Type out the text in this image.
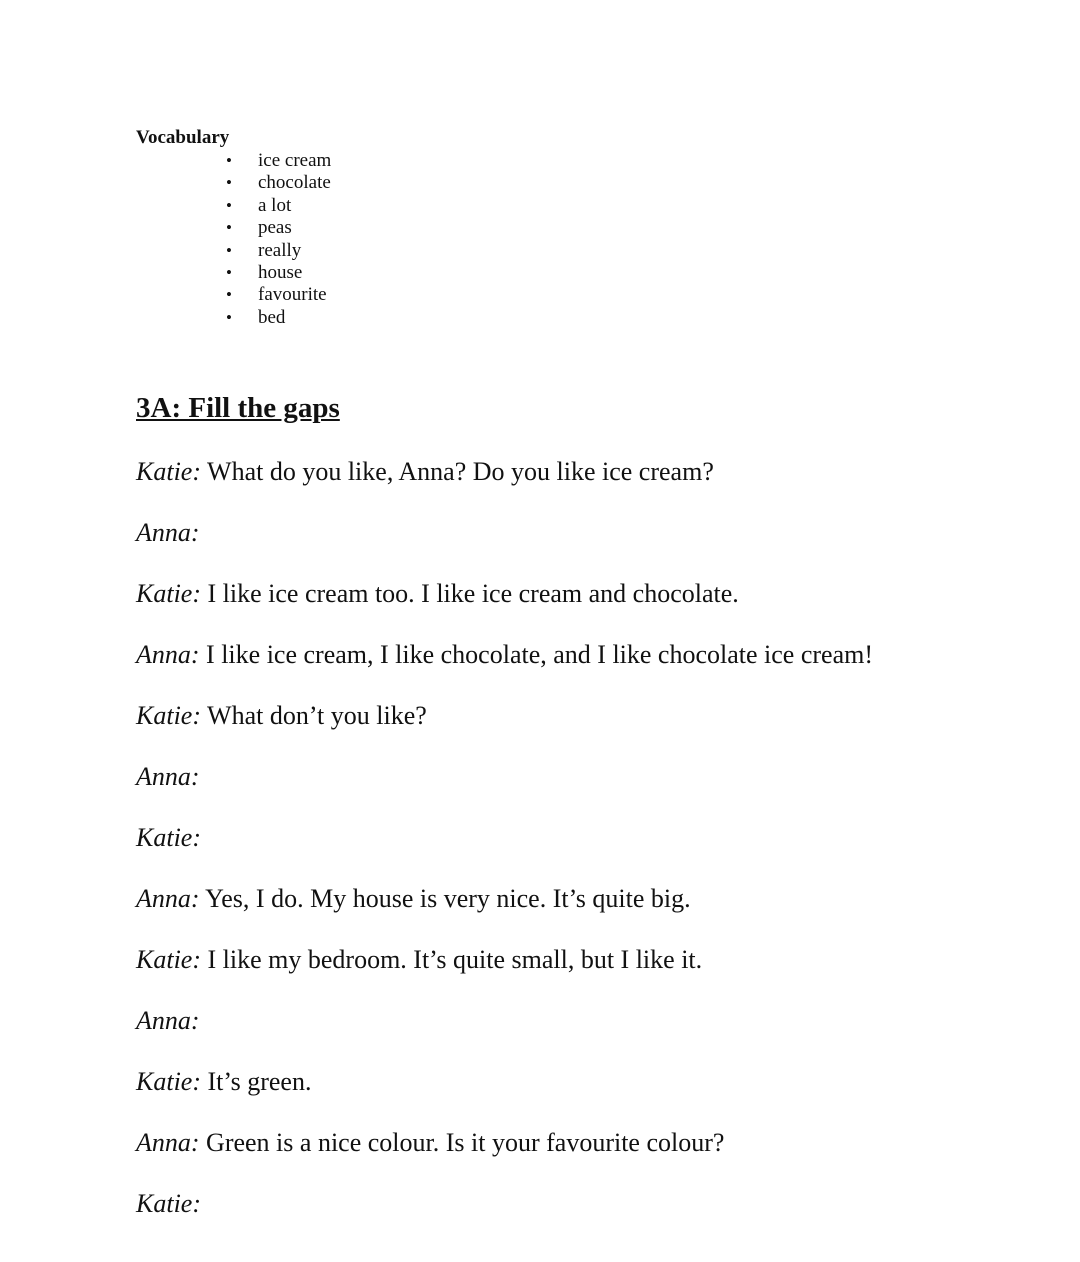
Vocabulary
• ice cream
• chocolate
• a lot
• peas
• really
• house
• favourite
• bed
3A: Fill the gaps
Katie: What do you like, Anna? Do you like ice cream?
Anna:
Katie: I like ice cream too. I like ice cream and chocolate.
Anna: I like ice cream, I like chocolate, and I like chocolate ice cream!
Katie: What don’t you like?
Anna:
Katie:
Anna: Yes, I do. My house is very nice. It’s quite big.
Katie: I like my bedroom. It’s quite small, but I like it.
Anna:
Katie: It’s green.
Anna: Green is a nice colour. Is it your favourite colour?
Katie:
